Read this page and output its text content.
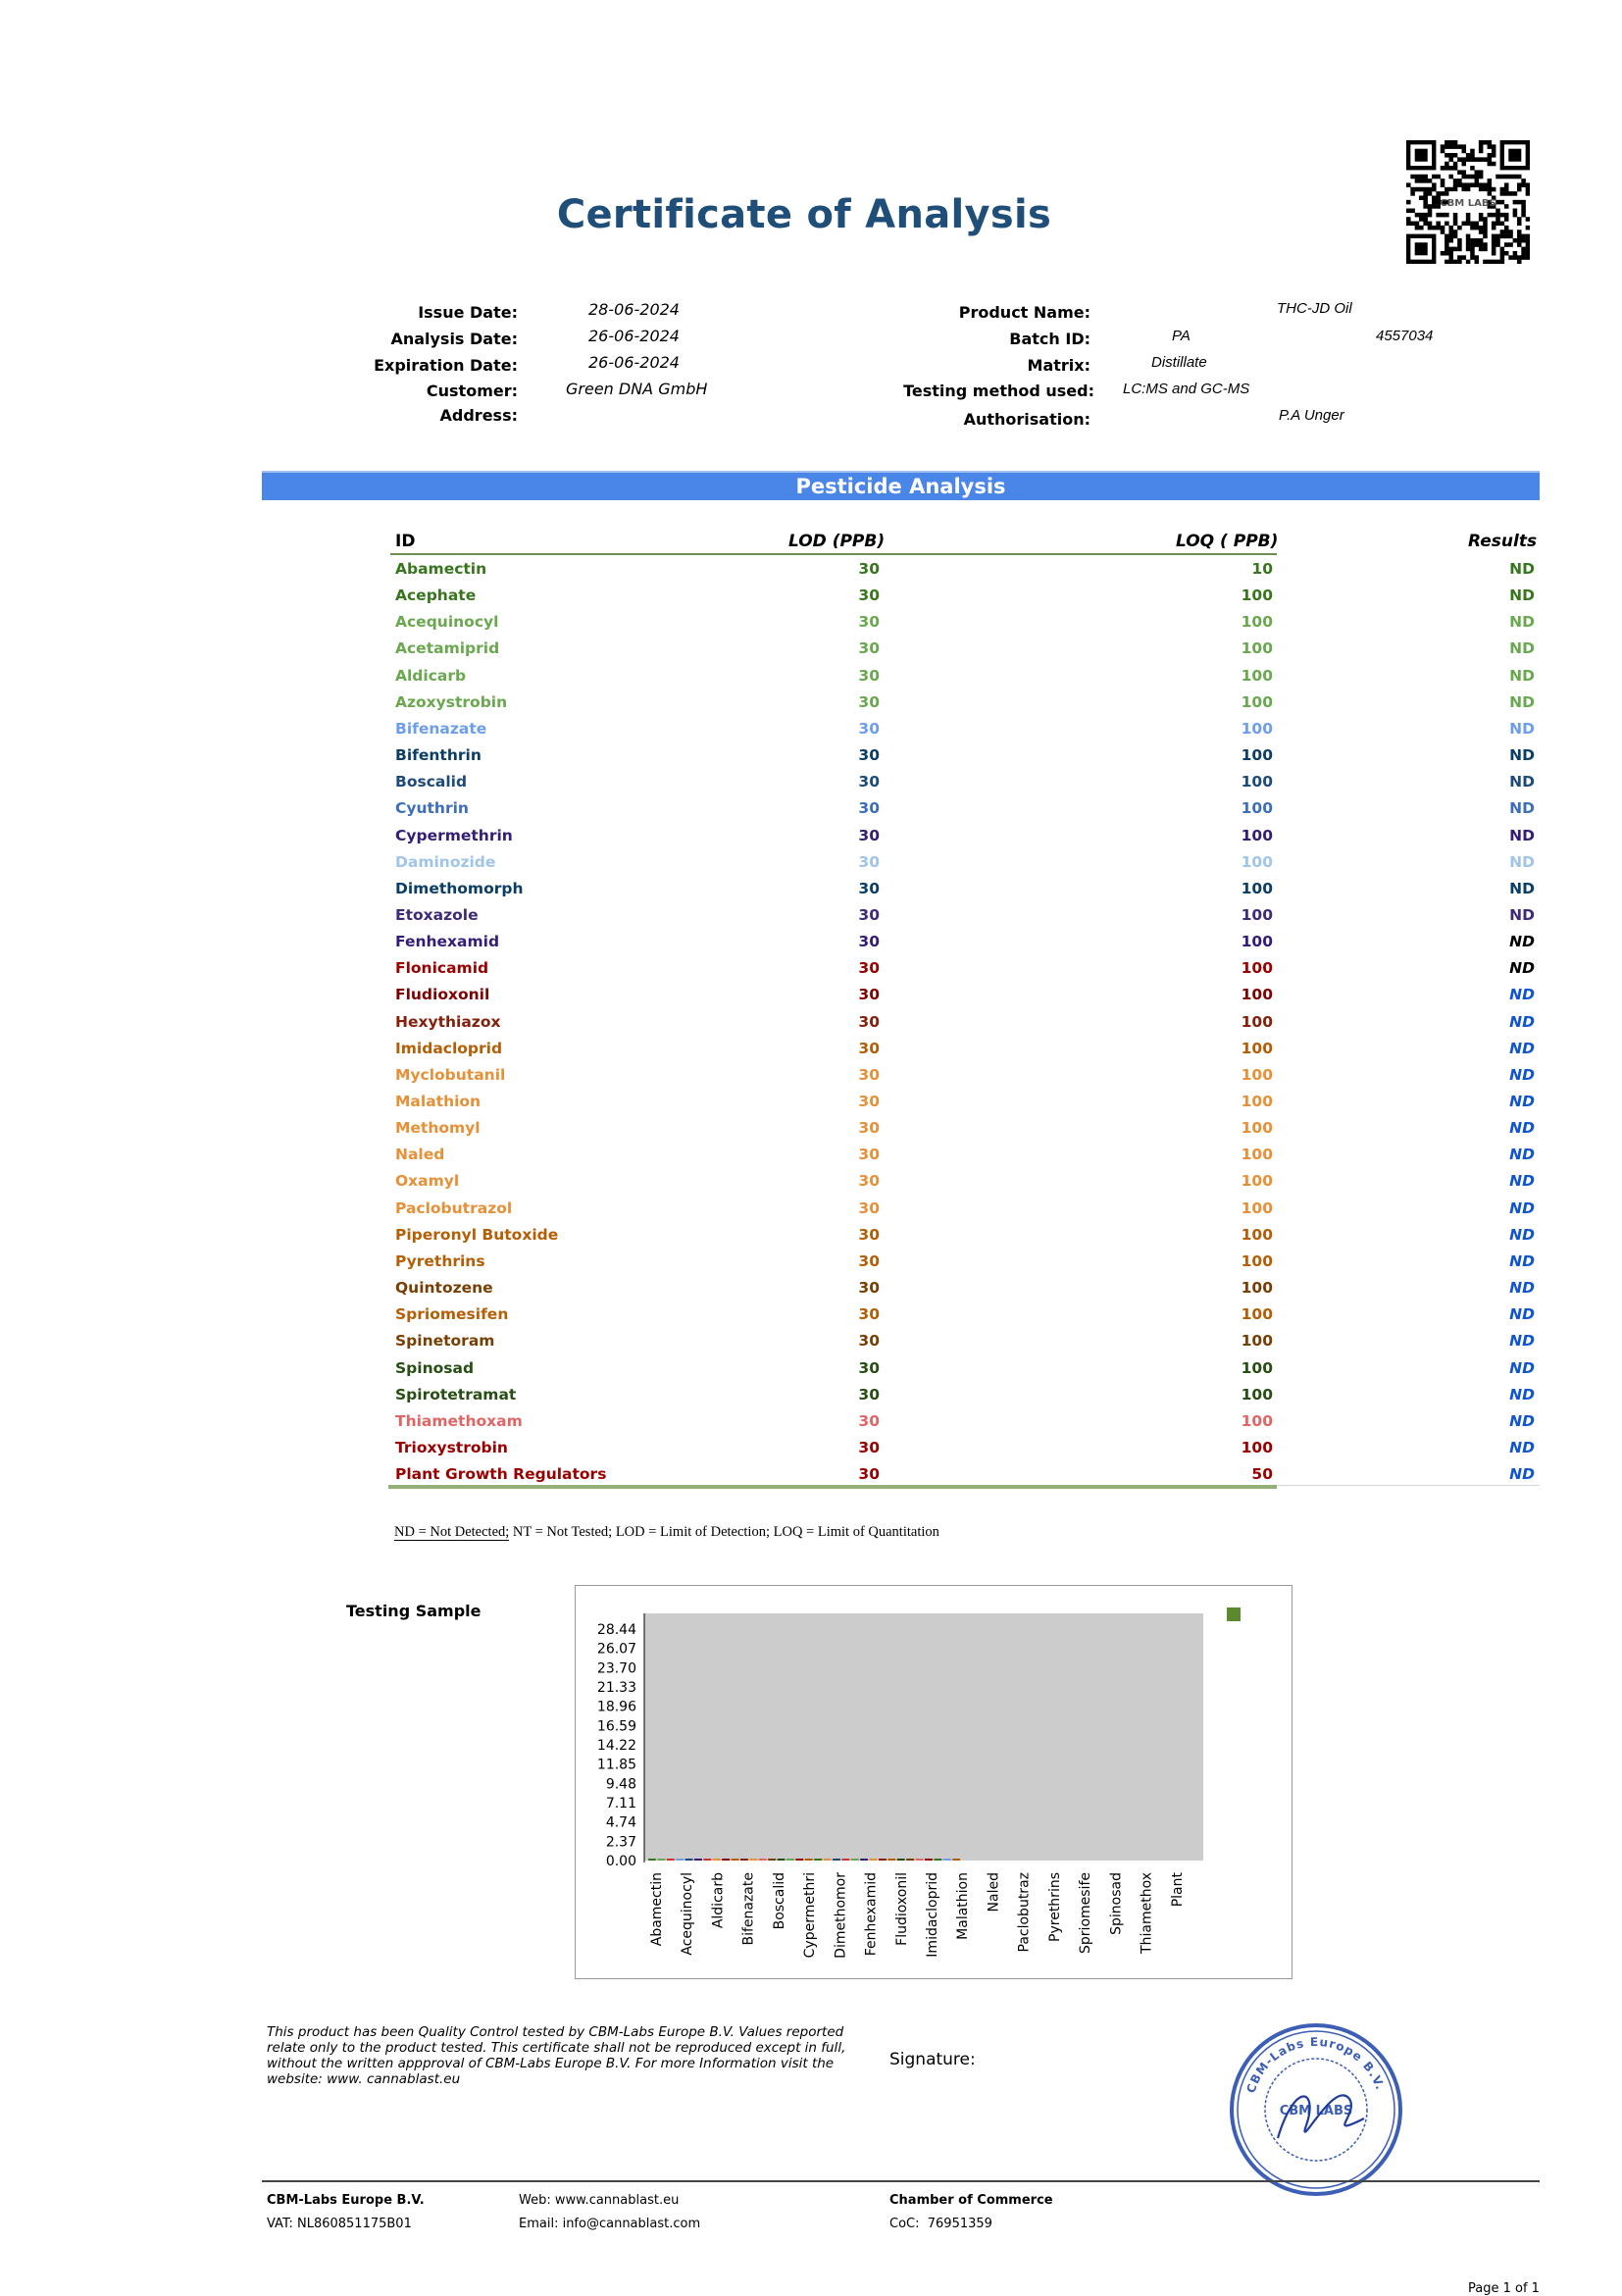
CBM LABS
Certificate of Analysis
Issue Date:	28-06-2024
Analysis Date:	26-06-2024
Expiration Date:	26-06-2024
Customer:	Green DNA GmbH
Address:
Product Name:	THC-JD Oil
Batch ID:	PA	4557034
Matrix:	Distillate
Testing method used: LC:MS and GC-MS
Authorisation:	P.A Unger
Pesticide Analysis
ID	LOD (PPB)	LOQ ( PPB)	Results
Abamectin	30	10	ND
Acephate	30	100	ND
Acequinocyl	30	100	ND
Acetamiprid	30	100	ND
Aldicarb	30	100	ND
Azoxystrobin	30	100	ND
Bifenazate	30	100	ND
Bifenthrin	30	100	ND
Boscalid	30	100	ND
Cyuthrin	30	100	ND
Cypermethrin	30	100	ND
Daminozide	30	100	ND
Dimethomorph	30	100	ND
Etoxazole	30	100	ND
Fenhexamid	30	100	ND
Flonicamid	30	100	ND
Fludioxonil	30	100	ND
Hexythiazox	30	100	ND
Imidacloprid	30	100	ND
Myclobutanil	30	100	ND
Malathion	30	100	ND
Methomyl	30	100	ND
Naled	30	100	ND
Oxamyl	30	100	ND
Paclobutrazol	30	100	ND
Piperonyl Butoxide	30	100	ND
Pyrethrins	30	100	ND
Quintozene	30	100	ND
Spriomesifen	30	100	ND
Spinetoram	30	100	ND
Spinosad	30	100	ND
Spirotetramat	30	100	ND
Thiamethoxam	30	100	ND
Trioxystrobin	30	100	ND
Plant Growth Regulators	30	50	ND
ND = Not Detected; NT = Not Tested; LOD = Limit of Detection; LOQ = Limit of Quantitation
Testing Sample
28.44
26.07
23.70
21.33
18.96
16.59
14.22
11.85
9.48
7.11
4.74
2.37
0.00
Abamectin Acequinocyl Aldicarb Bifenazate Boscalid Cypermethri Dimethomor Fenhexamid Fludioxonil Imidacloprid Malathion Naled Paclobutraz Pyrethrins Spriomesife Spinosad Thiamethox Plant
This product has been Quality Control tested by CBM-Labs Europe B.V. Values reported relate only to the product tested. This certificate shall not be reproduced except in full, without the written appproval of CBM-Labs Europe B.V. For more Information visit the website: www. cannablast.eu
Signature:
CBM-Labs Europe B.V.
CBM LABS
CBM-Labs Europe B.V.
VAT: NL860851175B01
Web: www.cannablast.eu
Email: info@cannablast.com
Chamber of Commerce
CoC: 76951359
Page 1 of 1
